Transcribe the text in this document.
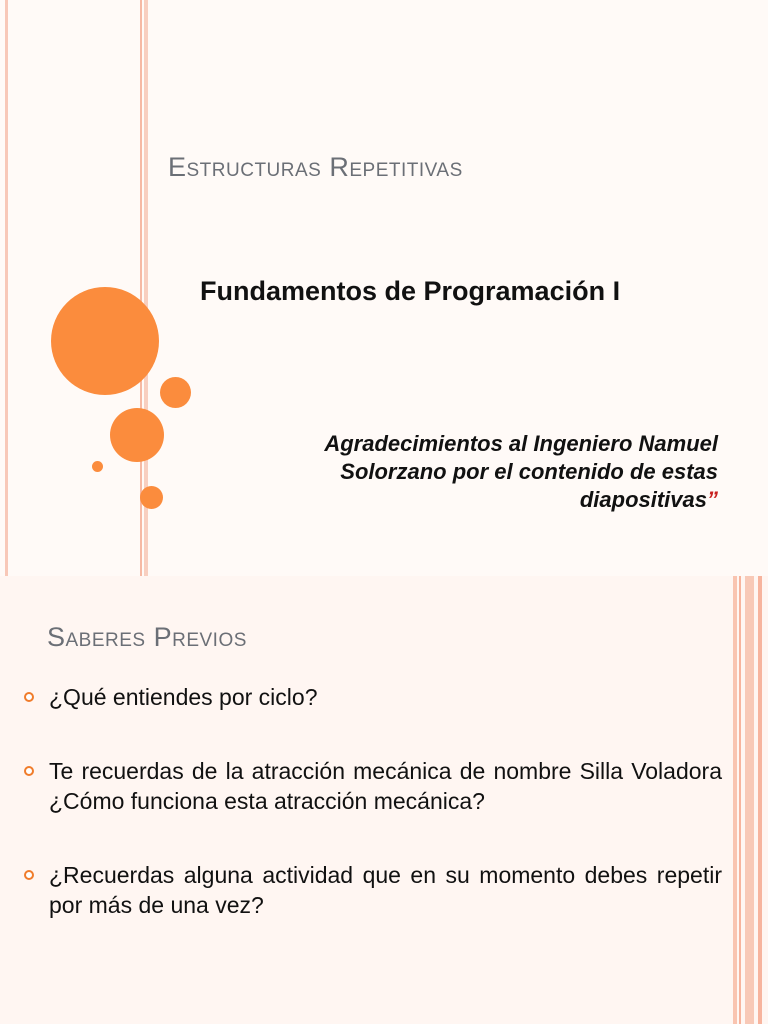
Estructuras Repetitivas
Fundamentos de Programación I

Agradecimientos al Ingeniero Namuel Solorzano por el contenido de estas diapositivas”

Saberes Previos
¿Qué entiendes por ciclo?
Te recuerdas de la atracción mecánica de nombre Silla Voladora ¿Cómo funciona esta atracción mecánica?
¿Recuerdas alguna actividad que en su momento debes repetir por más de una vez?
